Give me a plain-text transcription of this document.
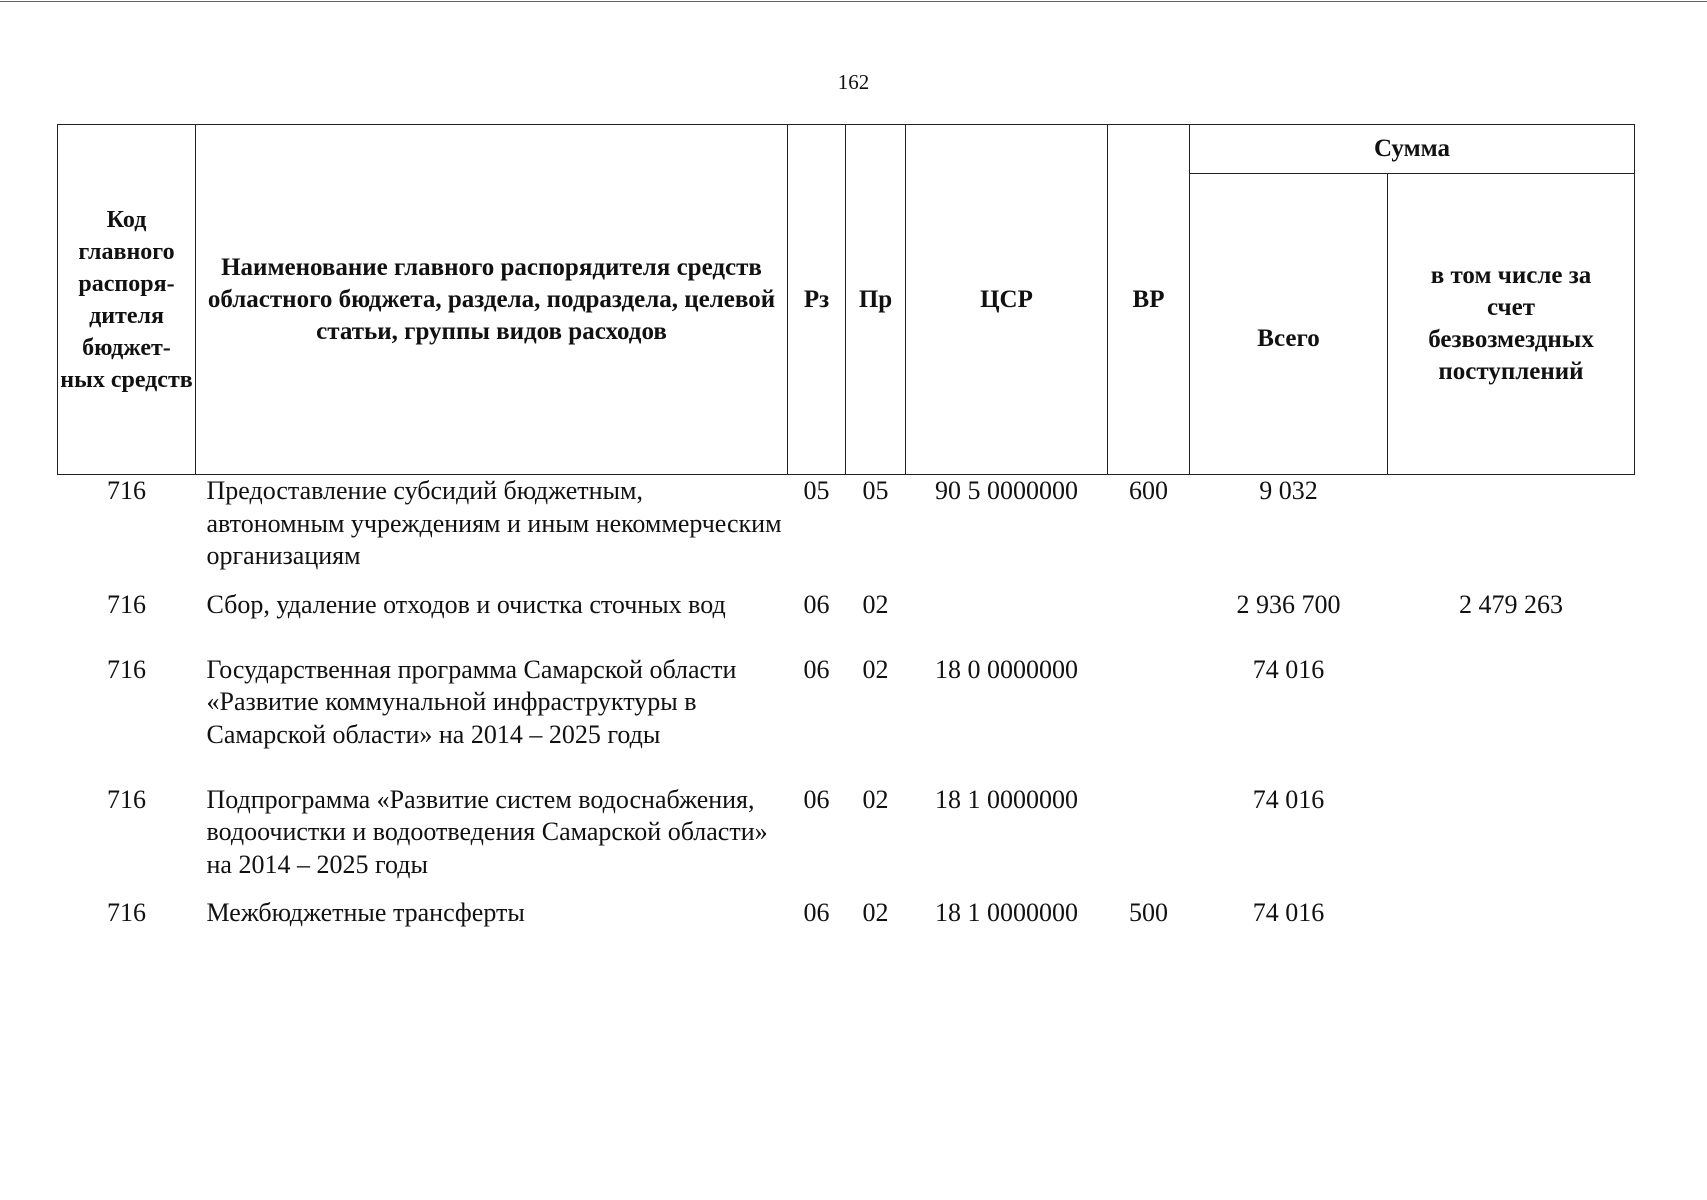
162
Код главного распоря-дителя бюджет-ных средств	Наименование главного распорядителя средств областного бюджета, раздела, подраздела, целевой статьи, группы видов расходов	Рз	Пр	ЦСР	ВР	Сумма	
						Всего	в том числе за счет безвозмездных поступлений
716	Предоставление субсидий бюджетным, автономным учреждениям и иным некоммерческим организациям	05	05	90 5 0000000	600	9 032	
716	Сбор, удаление отходов и очистка сточных вод	06	02			2 936 700	2 479 263
716	Государственная программа Самарской области «Развитие коммунальной инфраструктуры в Самарской области» на 2014 – 2025 годы	06	02	18 0 0000000		74 016	
716	Подпрограмма «Развитие систем водоснабжения, водоочистки и водоотведения Самарской области» на 2014 – 2025 годы	06	02	18 1 0000000		74 016	
716	Межбюджетные трансферты	06	02	18 1 0000000	500	74 016	
